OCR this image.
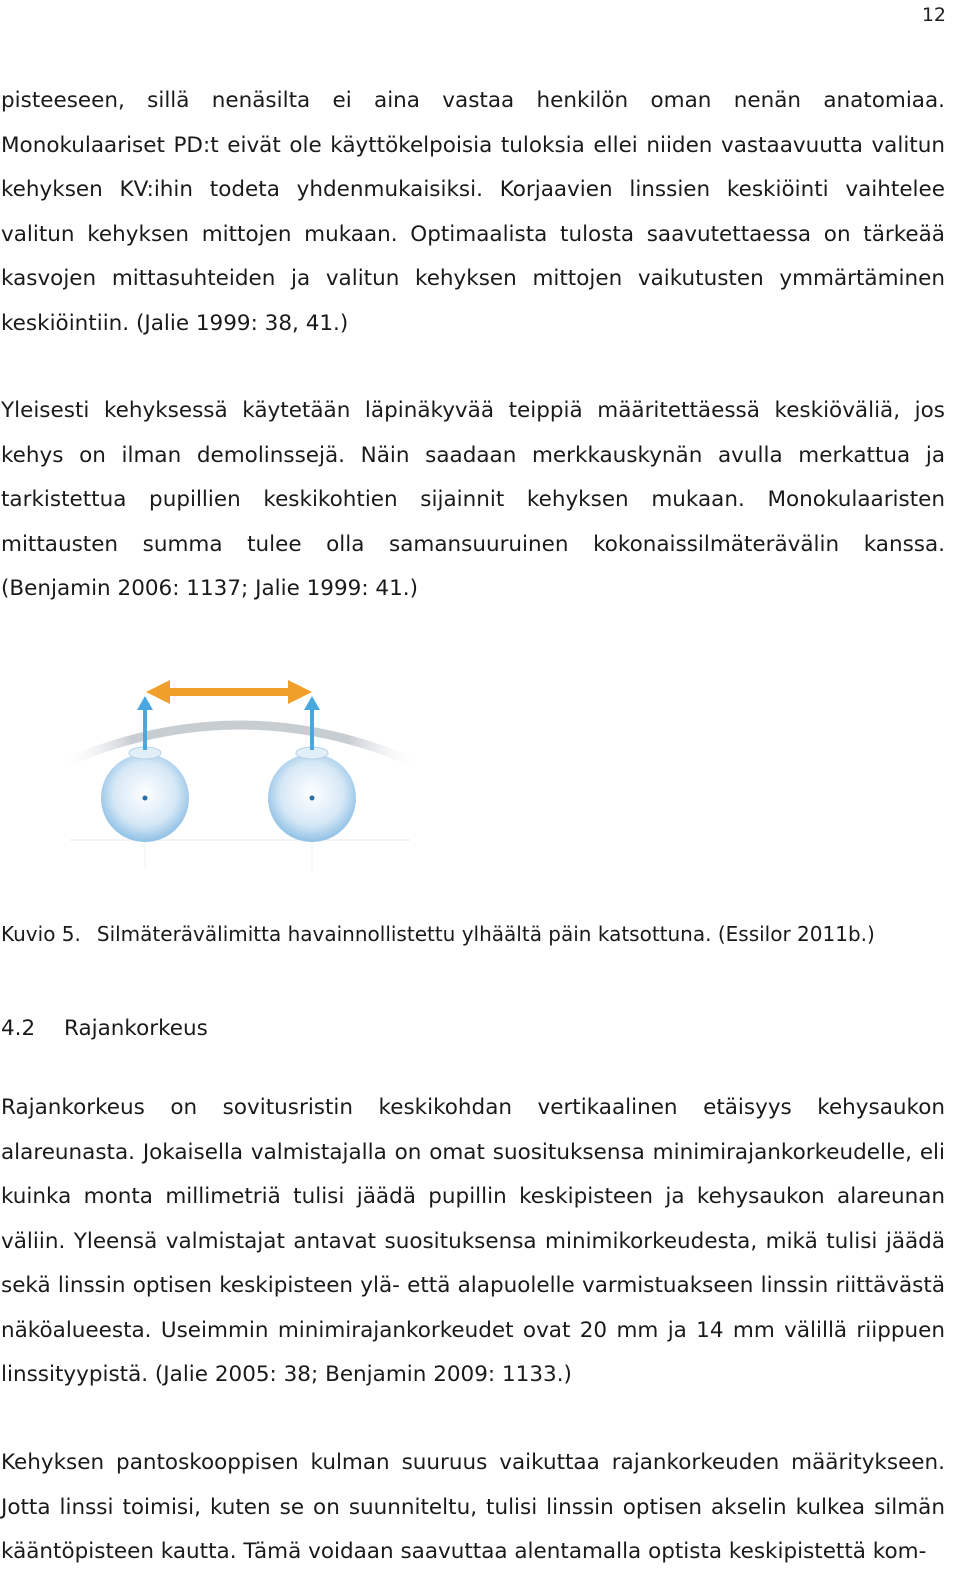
12

pisteeseen, sillä nenäsilta ei aina vastaa henkilön oman nenän anatomiaa. Monokulaariset PD:t eivät ole käyttökelpoisia tuloksia ellei niiden vastaavuutta valitun kehyksen KV:ihin todeta yhdenmukaisiksi. Korjaavien linssien keskiöinti vaihtelee valitun kehyksen mittojen mukaan. Optimaalista tulosta saavutettaessa on tärkeää kasvojen mittasuhteiden ja valitun kehyksen mittojen vaikutusten ymmärtäminen keskiöintiin. (Jalie 1999: 38, 41.)

Yleisesti kehyksessä käytetään läpinäkyvää teippiä määritettäessä keskiöväliä, jos kehys on ilman demolinssejä. Näin saadaan merkkauskynän avulla merkattua ja tarkistettua pupillien keskikohtien sijainnit kehyksen mukaan. Monokulaaristen mittausten summa tulee olla samansuuruinen kokonaissilmäterävälin kanssa. (Benjamin 2006: 1137; Jalie 1999: 41.)

Kuvio 5. Silmäterävälimitta havainnollistettu ylhäältä päin katsottuna. (Essilor 2011b.)
4.2 Rajankorkeus

Rajankorkeus on sovitusristin keskikohdan vertikaalinen etäisyys kehysaukon alareunasta. Jokaisella valmistajalla on omat suosituksensa minimirajankorkeudelle, eli kuinka monta millimetriä tulisi jäädä pupillin keskipisteen ja kehysaukon alareunan väliin. Yleensä valmistajat antavat suosituksensa minimikorkeudesta, mikä tulisi jäädä sekä linssin optisen keskipisteen ylä- että alapuolelle varmistuakseen linssin riittävästä näköalueesta. Useimmin minimirajankorkeudet ovat 20 mm ja 14 mm välillä riippuen linssityypistä. (Jalie 2005: 38; Benjamin 2009: 1133.)

Kehyksen pantoskooppisen kulman suuruus vaikuttaa rajankorkeuden määritykseen. Jotta linssi toimisi, kuten se on suunniteltu, tulisi linssin optisen akselin kulkea silmän kääntöpisteen kautta. Tämä voidaan saavuttaa alentamalla optista keskipistettä kom-
